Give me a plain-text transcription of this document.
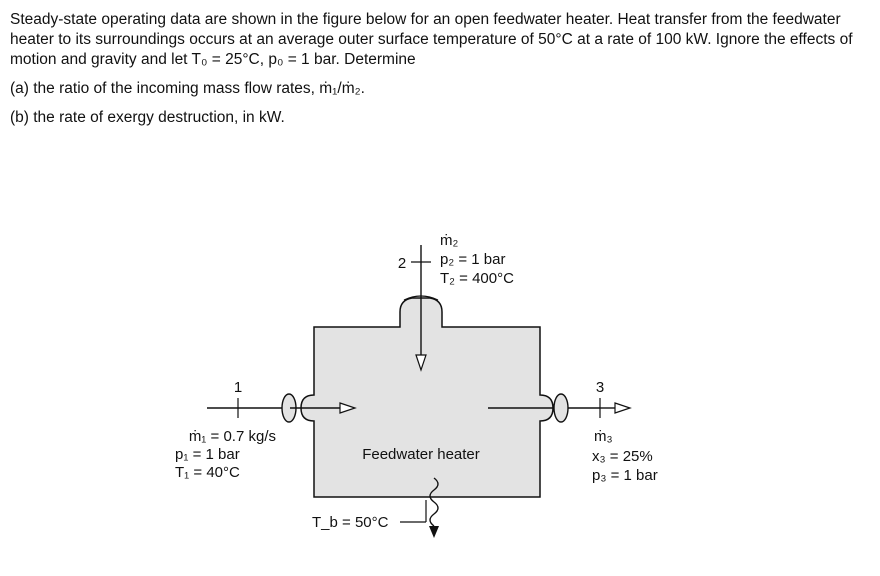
Steady-state operating data are shown in the figure below for an open feedwater heater. Heat transfer from the feedwater heater to its surroundings occurs at an average outer surface temperature of 50°C at a rate of 100 kW. Ignore the effects of motion and gravity and let T₀ = 25°C, p₀ = 1 bar. Determine

(a) the ratio of the incoming mass flow rates, ṁ₁/ṁ₂.

(b) the rate of exergy destruction, in kW.

Feedwater heater
1
ṁ₁ = 0.7 kg/s
p₁ = 1 bar
T₁ = 40°C
2
ṁ₂
p₂ = 1 bar
T₂ = 400°C
3
ṁ₃
x₃ = 25%
p₃ = 1 bar
T_b = 50°C
